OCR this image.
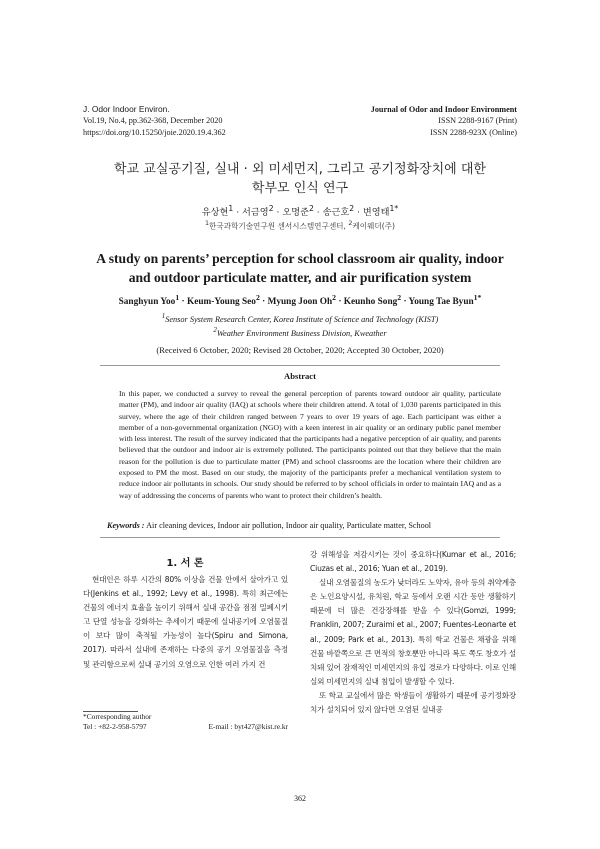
J. Odor Indoor Environ.
Vol.19, No.4, pp.362-368, December 2020
https://doi.org/10.15250/joie.2020.19.4.362
Journal of Odor and Indoor Environment
ISSN 2288-9167 (Print)
ISSN 2288-923X (Online)
학교 교실공기질, 실내 · 외 미세먼지, 그리고 공기정화장치에 대한
학부모 인식 연구
유상현$^1$ · 서금영$^2$ · 오명준$^2$ · 송근호$^2$ · 변영태$^{1*}$
$^1$한국과학기술연구원 센서시스템연구센터, $^2$케이웨더(주)
A study on parents’ perception for school classroom air quality, indoor
and outdoor particulate matter, and air purification system
Sanghyun Yoo$^1$ · Keum-Young Seo$^2$ · Myung Joon $Oh^2$ · Keunho Song$^2$ · Young Tae Byun$^{1*}$
$^1$Sensor System Research Center, Korea Institute of Science and Technology (KIST)
$^2$Weather Environment Business Division, Kweather
(Received 6 October, 2020; Revised 28 October, 2020; Accepted 30 October, 2020)
Abstract
In this paper, we conducted a survey to reveal the general perception of parents toward outdoor air quality, particulate matter (PM), and indoor air quality (IAQ) at schools where their children attend. A total of 1,030 parents participated in this survey, where the age of their children ranged between 7 years to over 19 years of age. Each participant was either a member of a non-governmental organization (NGO) with a keen interest in air quality or an ordinary public panel member with less interest. The result of the survey indicated that the participants had a negative perception of air quality, and parents believed that the outdoor and indoor air is extremely polluted. The participants pointed out that they believe that the main reason for the pollution is due to particulate matter (PM) and school classrooms are the location where their children are exposed to PM the most. Based on our study, the majority of the participants prefer a mechanical ventilation system to reduce indoor air pollutants in schools. Our study should be referred to by school officials in order to maintain IAQ and as a way of addressing the concerns of parents who want to protect their children’s health.
Keywords : Air cleaning devices, Indoor air pollution, Indoor air quality, Particulate matter, School
1. 서 론

현대인은 하루 시간의 80% 이상을 건물 안에서 살아가고 있다(Jenkins et al., 1992; Levy et al., 1998). 특히 최근에는 건물의 에너지 효율을 높이기 위해서 실내 공간을 점점 밀폐시키고 단열 성능을 강화하는 추세이기 때문에 실내공기에 오염물질이 보다 많이 축적될 가능성이 높다(Spiru and Simona, 2017). 따라서 실내에 존재하는 다중의 공기 오염물질을 측정 및 관리함으로써 실내 공기의 오염으로 인한 여러 가지 건

강 위해성을 저감시키는 것이 중요하다(Kumar et al., 2016; Ciuzas et al., 2016; Yuan et al., 2019).

실내 오염물질의 농도가 낮더라도 노약자, 유아 등의 취약계층은 노인요양시설, 유치원, 학교 등에서 오랜 시간 동안 생활하기 때문에 더 많은 건강장해를 받을 수 있다(Gomzi, 1999; Franklin, 2007; Zuraimi et al., 2007; Fuentes-Leonarte et al., 2009; Park et al., 2013). 특히 학교 건물은 채광을 위해 건물 바깥쪽으로 큰 면적의 창호뿐만 아니라 복도 쪽도 창호가 설치돼 있어 잠재적인 미세먼지의 유입 경로가 다양하다. 이로 인해 실외 미세먼지의 실내 침입이 발생할 수 있다.

또 학교 교실에서 많은 학생들이 생활하기 때문에 공기정화장치가 설치되어 있지 않다면 오염된 실내공

*Corresponding author
Tel : +82-2-958-5797	E-mail : byt427@kist.re.kr
362
